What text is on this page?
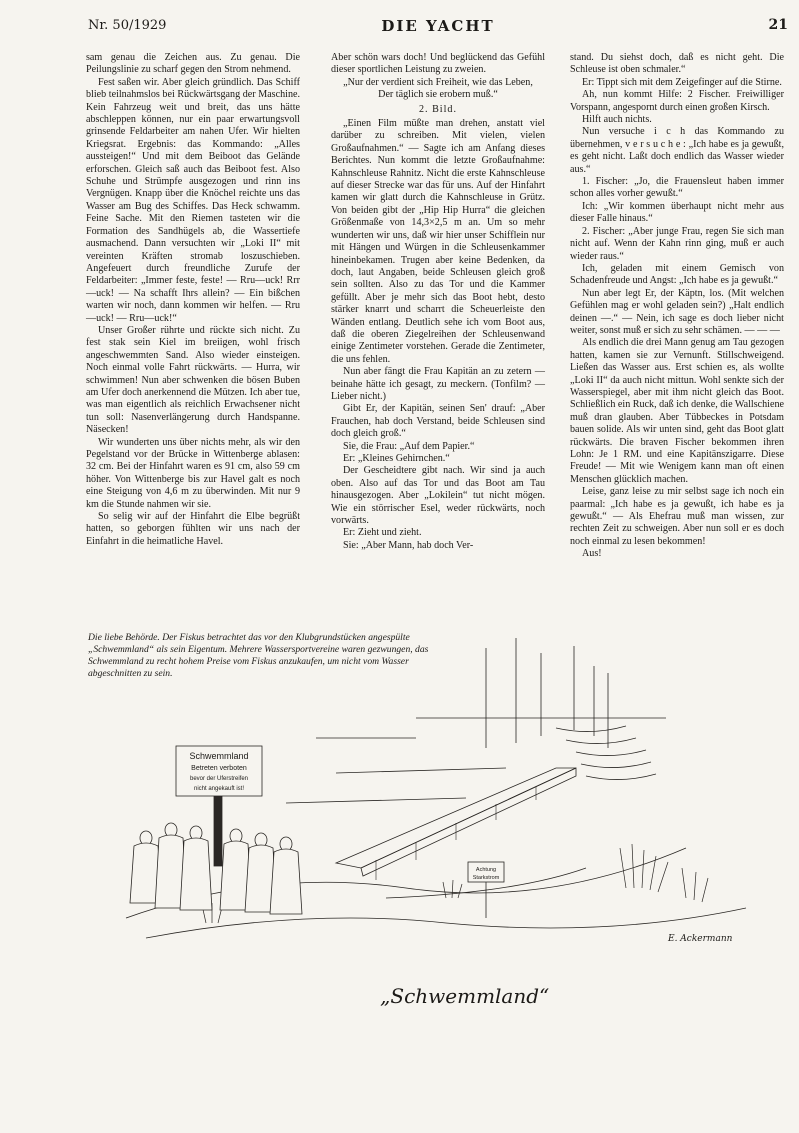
Nr. 50/1929	DIE YACHT	21

sam genau die Zeichen aus. Zu genau. Die Peilungslinie zu scharf gegen den Strom nehmend.

Fest saßen wir. Aber gleich gründlich. Das Schiff blieb teilnahmslos bei Rückwärtsgang der Maschine. Kein Fahrzeug weit und breit, das uns hätte abschleppen können, nur ein paar erwartungsvoll grinsende Feldarbeiter am nahen Ufer. Wir hielten Kriegsrat. Ergebnis: das Kommando: „Alles aussteigen!“ Und mit dem Beiboot das Gelände erforschen. Gleich saß auch das Beiboot fest. Also Schuhe und Strümpfe ausgezogen und rinn ins Vergnügen. Knapp über die Knöchel reichte uns das Wasser am Bug des Schiffes. Das Heck schwamm. Feine Sache. Mit den Riemen tasteten wir die Formation des Sandhügels ab, die Wassertiefe ausmachend. Dann versuchten wir „Loki II“ mit vereinten Kräften stromab loszuschieben. Angefeuert durch freundliche Zurufe der Feldarbeiter: „Immer feste, feste! — Rru—uck! Rrr—uck! — Na schafft Ihrs allein? — Ein bißchen warten wir noch, dann kommen wir helfen. — Rru—uck! — Rru—uck!“

Unser Großer rührte und rückte sich nicht. Zu fest stak sein Kiel im breiigen, wohl frisch angeschwemmten Sand. Also wieder einsteigen. Noch einmal volle Fahrt rückwärts. — Hurra, wir schwimmen! Nun aber schwenken die bösen Buben am Ufer doch anerkennend die Mützen. Ich aber tue, was man eigentlich als reichlich Erwachsener nicht tun soll: Nasenverlängerung durch Handspanne. Näsecken!

Wir wunderten uns über nichts mehr, als wir den Pegelstand vor der Brücke in Wittenberge ablasen: 32 cm. Bei der Hinfahrt waren es 91 cm, also 59 cm höher. Von Wittenberge bis zur Havel galt es noch eine Steigung von 4,6 m zu überwinden. Mit nur 9 km die Stunde nahmen wir sie.

So selig wir auf der Hinfahrt die Elbe begrüßt hatten, so geborgen fühlten wir uns nach der Einfahrt in die heimatliche Havel.

Aber schön wars doch! Und beglückend das Gefühl dieser sportlichen Leistung zu zweien.

„Nur der verdient sich Freiheit, wie das Leben,

Der täglich sie erobern muß.“

2. Bild.

„Einen Film müßte man drehen, anstatt viel darüber zu schreiben. Mit vielen, vielen Großaufnahmen.“ — Sagte ich am Anfang dieses Berichtes. Nun kommt die letzte Großaufnahme: Kahnschleuse Rahnitz. Nicht die erste Kahnschleuse auf dieser Strecke war das für uns. Auf der Hinfahrt kamen wir glatt durch die Kahnschleuse in Grütz. Von beiden gibt der „Hip Hip Hurra“ die gleichen Größenmaße von 14,3×2,5 m an. Um so mehr wunderten wir uns, daß wir hier unser Schifflein nur mit Hängen und Würgen in die Schleusenkammer hineinbekamen. Trugen aber keine Bedenken, da doch, laut Angaben, beide Schleusen gleich groß sein sollten. Also zu das Tor und die Kammer gefüllt. Aber je mehr sich das Boot hebt, desto stärker knarrt und scharrt die Scheuerleiste den Wänden entlang. Deutlich sehe ich vom Boot aus, daß die oberen Ziegelreihen der Schleusenwand einige Zentimeter vorstehen. Gerade die Zentimeter, die uns fehlen.

Nun aber fängt die Frau Kapitän an zu zetern — beinahe hätte ich gesagt, zu meckern. (Tonfilm? — Lieber nicht.)

Gibt Er, der Kapitän, seinen Sen' drauf: „Aber Frauchen, hab doch Verstand, beide Schleusen sind doch gleich groß.“

Sie, die Frau: „Auf dem Papier.“

Er: „Kleines Gehirnchen.“

Der Gescheidtere gibt nach. Wir sind ja auch oben. Also auf das Tor und das Boot am Tau hinausgezogen. Aber „Lokilein“ tut nicht mögen. Wie ein störrischer Esel, weder rückwärts, noch vorwärts.

Er: Zieht und zieht.

Sie: „Aber Mann, hab doch Ver-

stand. Du siehst doch, daß es nicht geht. Die Schleuse ist oben schmaler.“

Er: Tippt sich mit dem Zeigefinger auf die Stirne.

Ah, nun kommt Hilfe: 2 Fischer. Freiwilliger Vorspann, angespornt durch einen großen Kirsch.

Hilft auch nichts.

Nun versuche i c h das Kommando zu übernehmen, v e r s u c h e : „Ich habe es ja gewußt, es geht nicht. Laßt doch endlich das Wasser wieder aus.“

1. Fischer: „Jo, die Frauensleut haben immer schon alles vorher gewußt.“

Ich: „Wir kommen überhaupt nicht mehr aus dieser Falle hinaus.“

2. Fischer: „Aber junge Frau, regen Sie sich man nicht auf. Wenn der Kahn rinn ging, muß er auch wieder raus.“

Ich, geladen mit einem Gemisch von Schadenfreude und Angst: „Ich habe es ja gewußt.“

Nun aber legt Er, der Käptn, los. (Mit welchen Gefühlen mag er wohl geladen sein?) „Halt endlich deinen —.“ — Nein, ich sage es doch lieber nicht weiter, sonst muß er sich zu sehr schämen. — — —

Als endlich die drei Mann genug am Tau gezogen hatten, kamen sie zur Vernunft. Stillschweigend. Ließen das Wasser aus. Erst schien es, als wollte „Loki II“ da auch nicht mittun. Wohl senkte sich der Wasserspiegel, aber mit ihm nicht gleich das Boot. Schließlich ein Ruck, daß ich denke, die Wallschiene muß dran glauben. Aber Tübbeckes in Potsdam bauen solide. Als wir unten sind, geht das Boot glatt rückwärts. Die braven Fischer bekommen ihren Lohn: Je 1 RM. und eine Kapitänszigarre. Diese Freude! — Mit wie Wenigem kann man oft einen Menschen glücklich machen.

Leise, ganz leise zu mir selbst sage ich noch ein paarmal: „Ich habe es ja gewußt, ich habe es ja gewußt.“ — Als Ehefrau muß man wissen, zur rechten Zeit zu schweigen. Aber nun soll er es doch noch einmal zu lesen bekommen!

Aus!

Schwemmland
Betreten verboten
bevor der Uferstreifen
nicht angekauft ist!
Achtung
Starkstrom
Die liebe Behörde. Der Fiskus betrachtet das vor den Klubgrundstücken angespülte „Schwemmland“ als sein Eigentum. Mehrere Wassersportvereine waren gezwungen, das Schwemmland zu recht hohem Preise vom Fiskus anzukaufen, um nicht vom Wasser abgeschnitten zu sein.
E. Ackermann
„Schwemmland“
